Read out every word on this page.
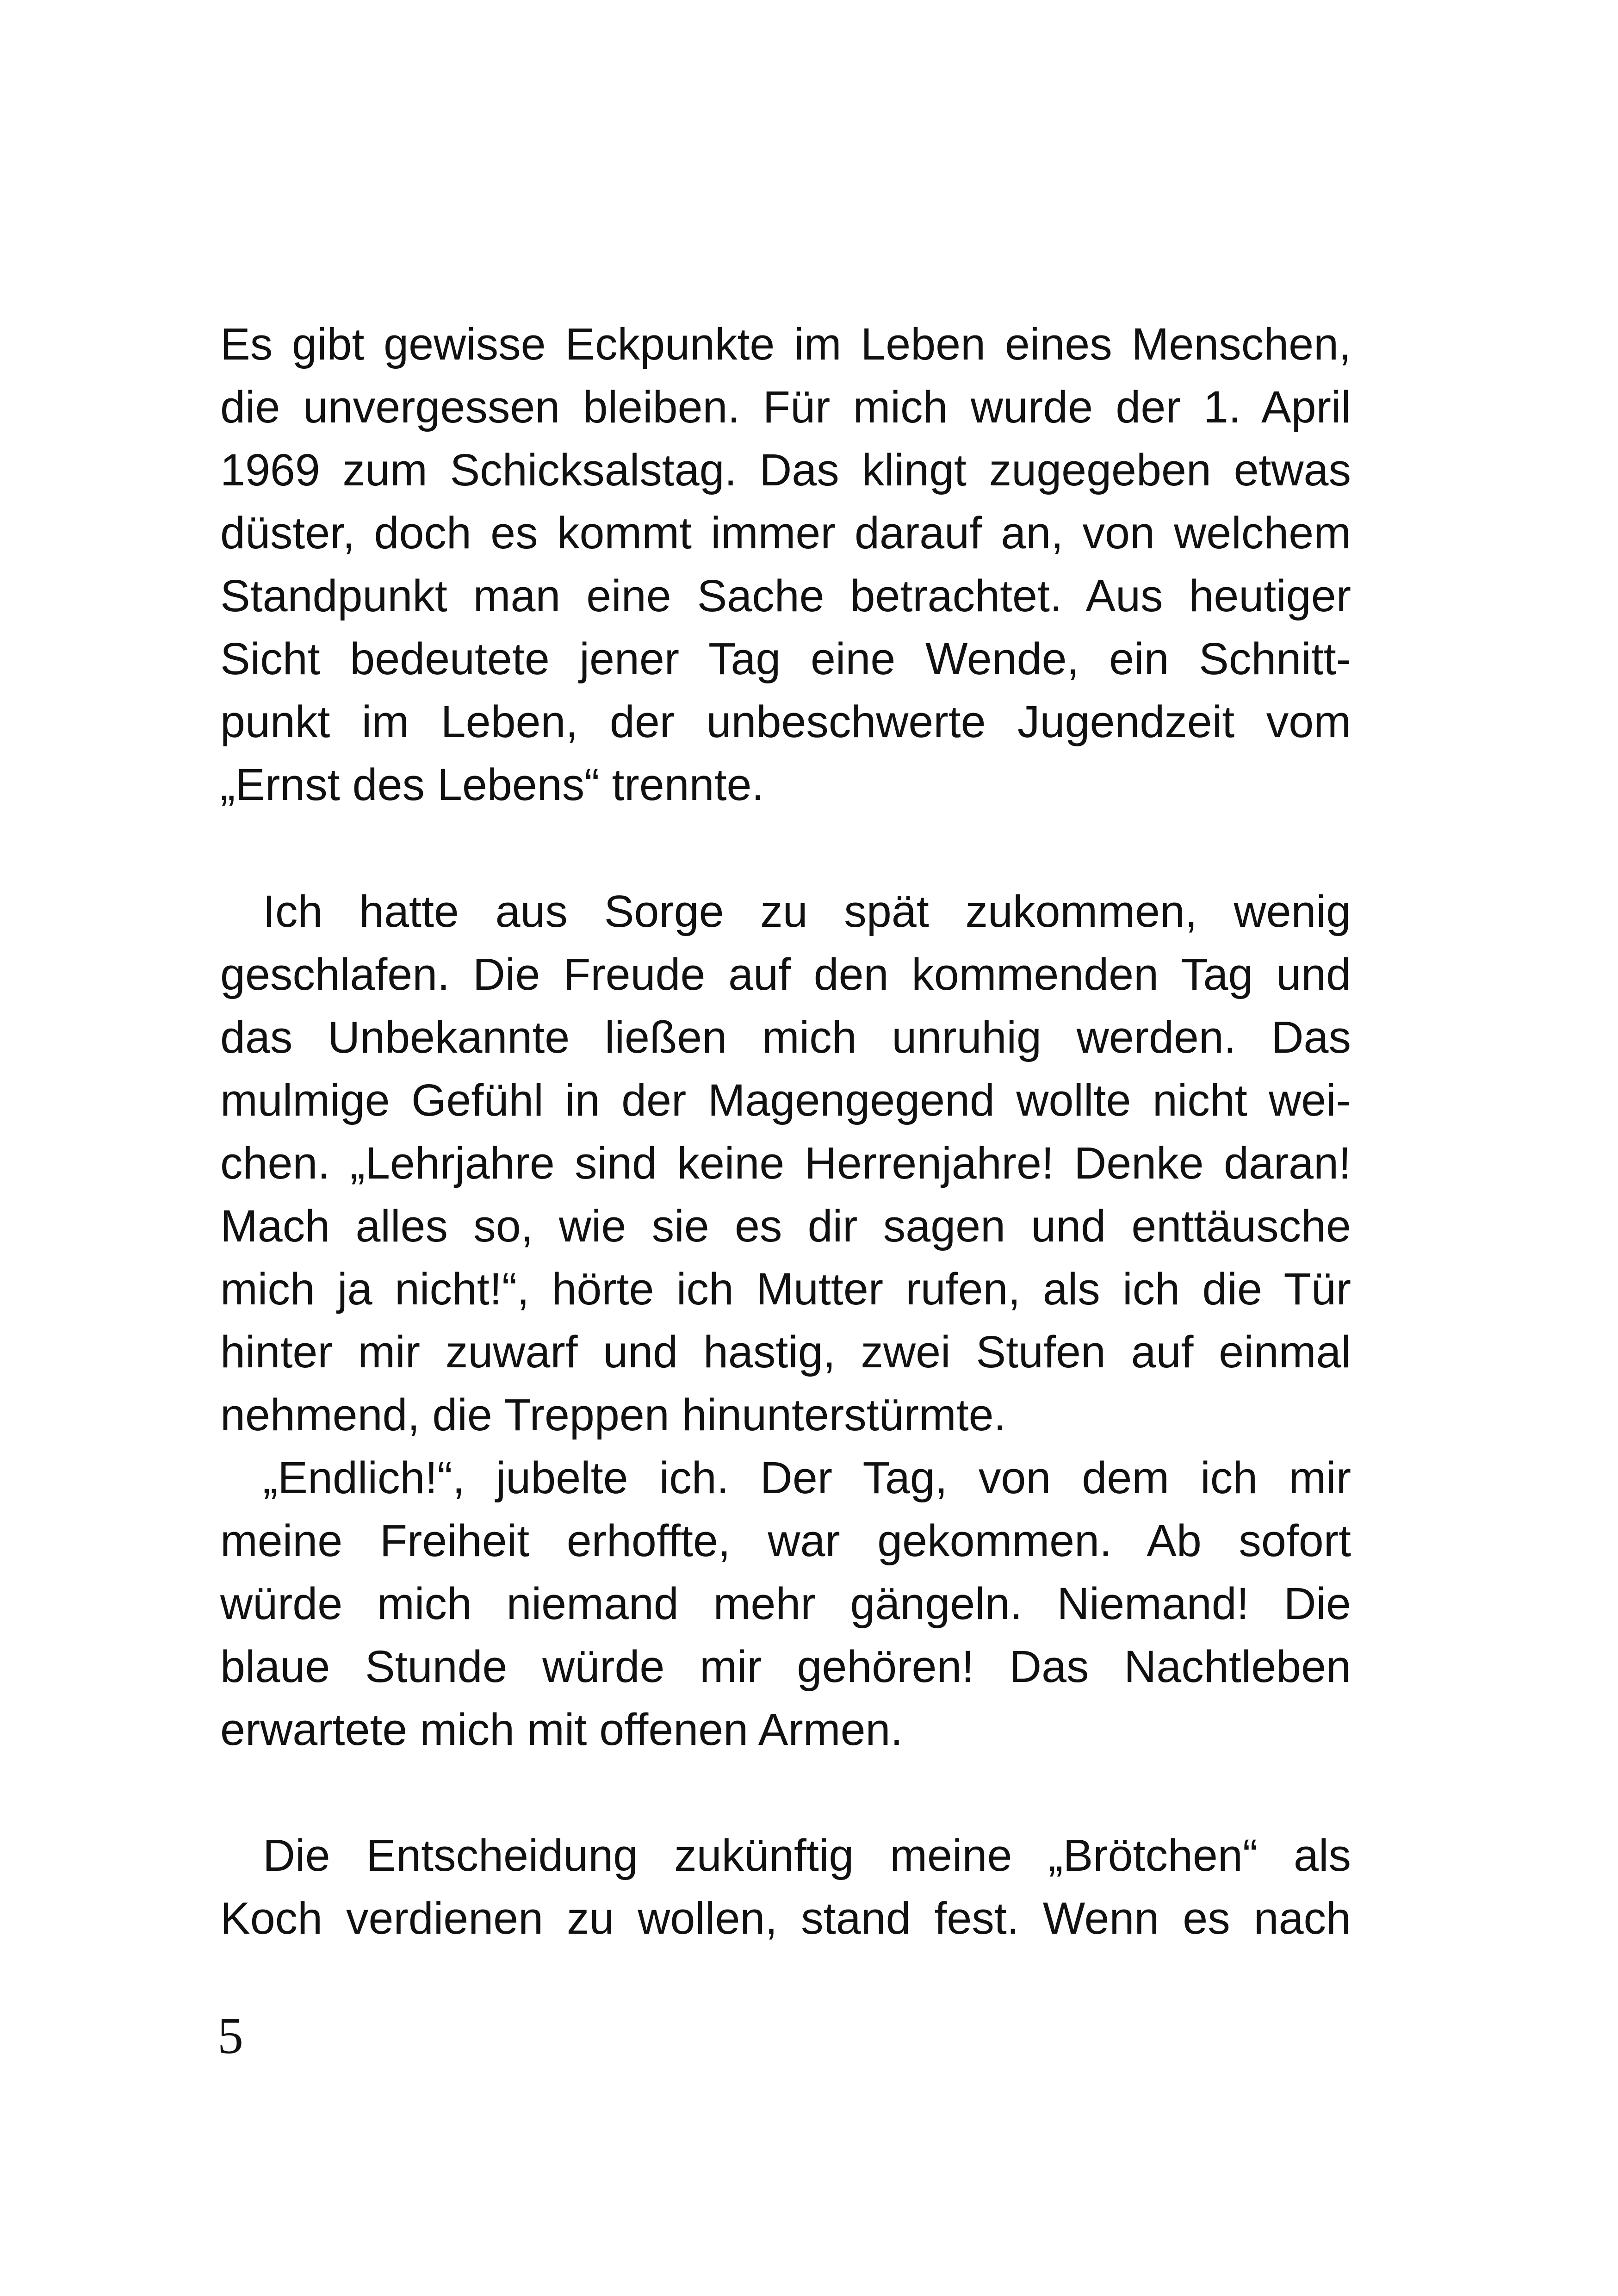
Es gibt gewisse Eckpunkte im Leben eines Menschen,
die unvergessen bleiben. Für mich wurde der 1. April
1969 zum Schicksalstag. Das klingt zugegeben etwas
düster, doch es kommt immer darauf an, von welchem
Standpunkt man eine Sache betrachtet. Aus heutiger
Sicht bedeutete jener Tag eine Wende, ein Schnitt-
punkt im Leben, der unbeschwerte Jugendzeit vom
„Ernst des Lebens“ trennte.
Ich hatte aus Sorge zu spät zukommen, wenig
geschlafen. Die Freude auf den kommenden Tag und
das Unbekannte ließen mich unruhig werden. Das
mulmige Gefühl in der Magengegend wollte nicht wei-
chen. „Lehrjahre sind keine Herrenjahre! Denke daran!
Mach alles so, wie sie es dir sagen und enttäusche
mich ja nicht!“, hörte ich Mutter rufen, als ich die Tür
hinter mir zuwarf und hastig, zwei Stufen auf einmal
nehmend, die Treppen hinunterstürmte.
„Endlich!“, jubelte ich. Der Tag, von dem ich mir
meine Freiheit erhoffte, war gekommen. Ab sofort
würde mich niemand mehr gängeln. Niemand! Die
blaue Stunde würde mir gehören! Das Nachtleben
erwartete mich mit offenen Armen.
Die Entscheidung zukünftig meine „Brötchen“ als
Koch verdienen zu wollen, stand fest. Wenn es nach
5
